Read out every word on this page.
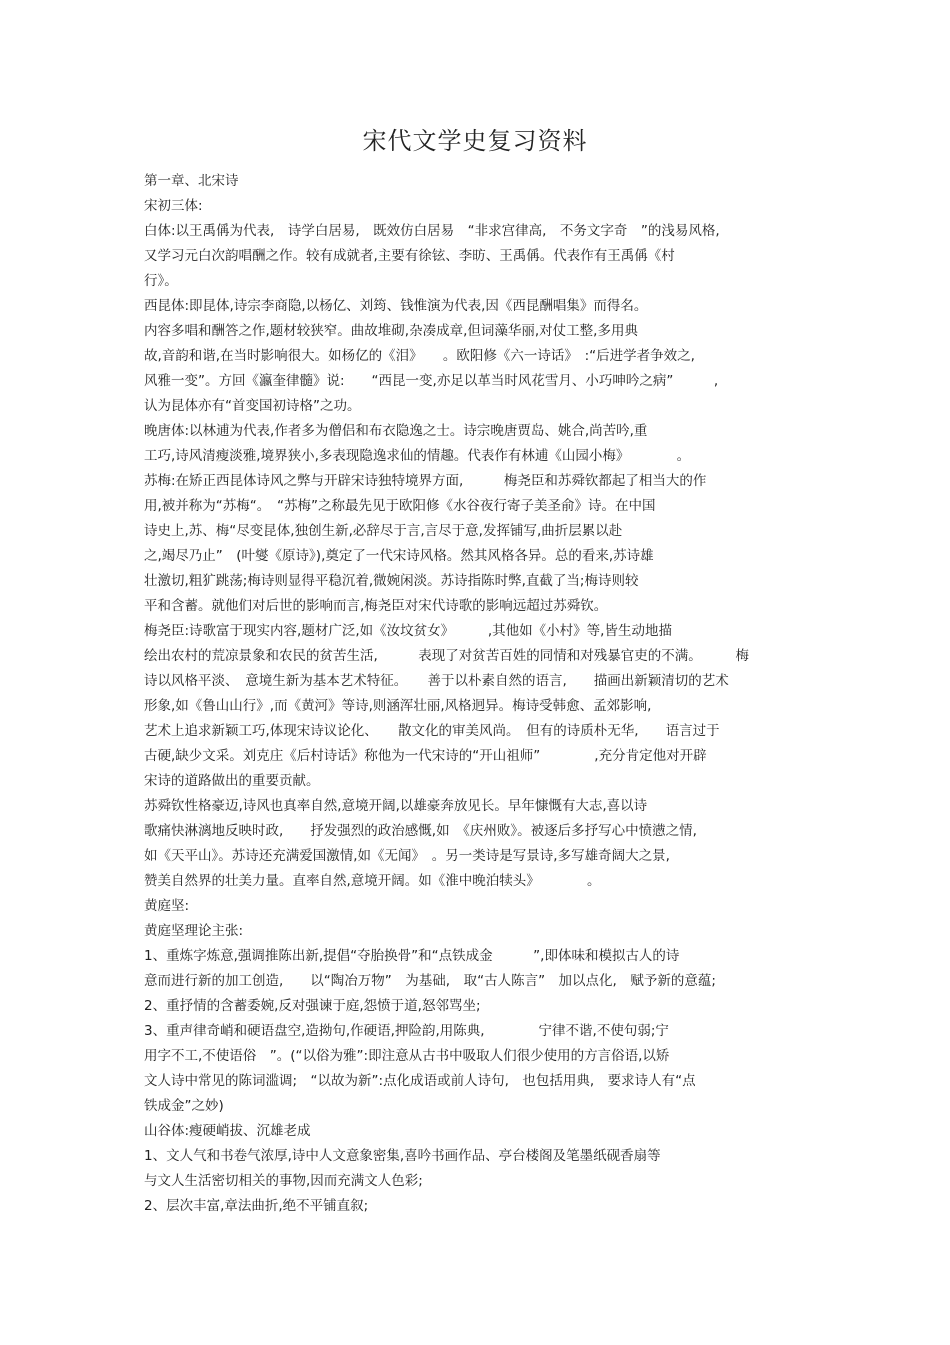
宋代文学史复习资料
第一章、北宋诗
宋初三体:
白体:以王禹偁为代表,　诗学白居易,　既效仿白居易　“非求宫律高,　不务文字奇　”的浅易风格,
又学习元白次韵唱酬之作。较有成就者,主要有徐铉、李昉、王禹偁。代表作有王禹偁《村
行》。
西昆体:即昆体,诗宗李商隐,以杨亿、刘筠、钱惟演为代表,因《西昆酬唱集》而得名。
内容多唱和酬答之作,题材较狭窄。曲故堆砌,杂凑成章,但词藻华丽,对仗工整,多用典
故,音韵和谐,在当时影响很大。如杨亿的《泪》　　。欧阳修《六一诗话》　:“后进学者争效之,
风雅一变”。方回《瀛奎律髓》说:　　“西昆一变,亦足以革当时风花雪月、小巧呻吟之病”　　　,
认为昆体亦有“首变国初诗格”之功。
晚唐体:以林逋为代表,作者多为僧侣和布衣隐逸之士。诗宗晚唐贾岛、姚合,尚苦吟,重
工巧,诗风清瘦淡雅,境界狭小,多表现隐逸求仙的情趣。代表作有林逋《山园小梅》　　　　。
苏梅:在矫正西昆体诗风之弊与开辟宋诗独特境界方面,　　　梅尧臣和苏舜钦都起了相当大的作
用,被并称为“苏梅“。　“苏梅”之称最先见于欧阳修《水谷夜行寄子美圣俞》诗。在中国
诗史上,苏、梅“尽变昆体,独创生新,必辞尽于言,言尽于意,发挥铺写,曲折层累以赴
之,竭尽乃止”　(叶燮《原诗》),奠定了一代宋诗风格。然其风格各异。总的看来,苏诗雄
壮激切,粗犷跳荡;梅诗则显得平稳沉着,微婉闲淡。苏诗指陈时弊,直截了当;梅诗则较
平和含蓄。就他们对后世的影响而言,梅尧臣对宋代诗歌的影响远超过苏舜钦。
梅尧臣:诗歌富于现实内容,题材广泛,如《汝坟贫女》　　　,其他如《小村》等,皆生动地描
绘出农村的荒凉景象和农民的贫苦生活,　　　表现了对贫苦百姓的同情和对残暴官吏的不满。　　　梅
诗以风格平淡、　意境生新为基本艺术特征。　　善于以朴素自然的语言,　　描画出新颖清切的艺术
形象,如《鲁山山行》,而《黄河》等诗,则涵浑壮丽,风格迥异。梅诗受韩愈、孟郊影响,
艺术上追求新颖工巧,体现宋诗议论化、　　散文化的审美风尚。　但有的诗质朴无华,　　语言过于
古硬,缺少文采。刘克庄《后村诗话》称他为一代宋诗的“开山祖师”　　　　,充分肯定他对开辟
宋诗的道路做出的重要贡献。
苏舜钦性格豪迈,诗风也真率自然,意境开阔,以雄豪奔放见长。早年慷慨有大志,喜以诗
歌痛快淋漓地反映时政,　　抒发强烈的政治感慨,如　《庆州败》。被逐后多抒写心中愤懑之情,
如《天平山》。苏诗还充满爱国激情,如《无闻》　。另一类诗是写景诗,多写雄奇阔大之景,
赞美自然界的壮美力量。直率自然,意境开阔。如《淮中晚泊犊头》　　　　。
黄庭坚:
黄庭坚理论主张:
1、重炼字炼意,强调推陈出新,提倡“夺胎换骨”和“点铁成金　　　”,即体味和模拟古人的诗
意而进行新的加工创造,　　以“陶冶万物”　为基础,　取“古人陈言”　加以点化,　赋予新的意蕴;
2、重抒情的含蓄委婉,反对强谏于庭,怨愤于道,怒邻骂坐;
3、重声律奇峭和硬语盘空,造拗句,作硬语,押险韵,用陈典,　　　　宁律不谐,不使句弱;宁
用字不工,不使语俗　”。(“以俗为雅”:即注意从古书中吸取人们很少使用的方言俗语,以矫
文人诗中常见的陈词滥调;　“以故为新”:点化成语或前人诗句,　也包括用典,　要求诗人有“点
铁成金”之妙)
山谷体:瘦硬峭拔、沉雄老成
1、文人气和书卷气浓厚,诗中人文意象密集,喜吟书画作品、亭台楼阁及笔墨纸砚香扇等
与文人生活密切相关的事物,因而充满文人色彩;
2、层次丰富,章法曲折,绝不平铺直叙;
